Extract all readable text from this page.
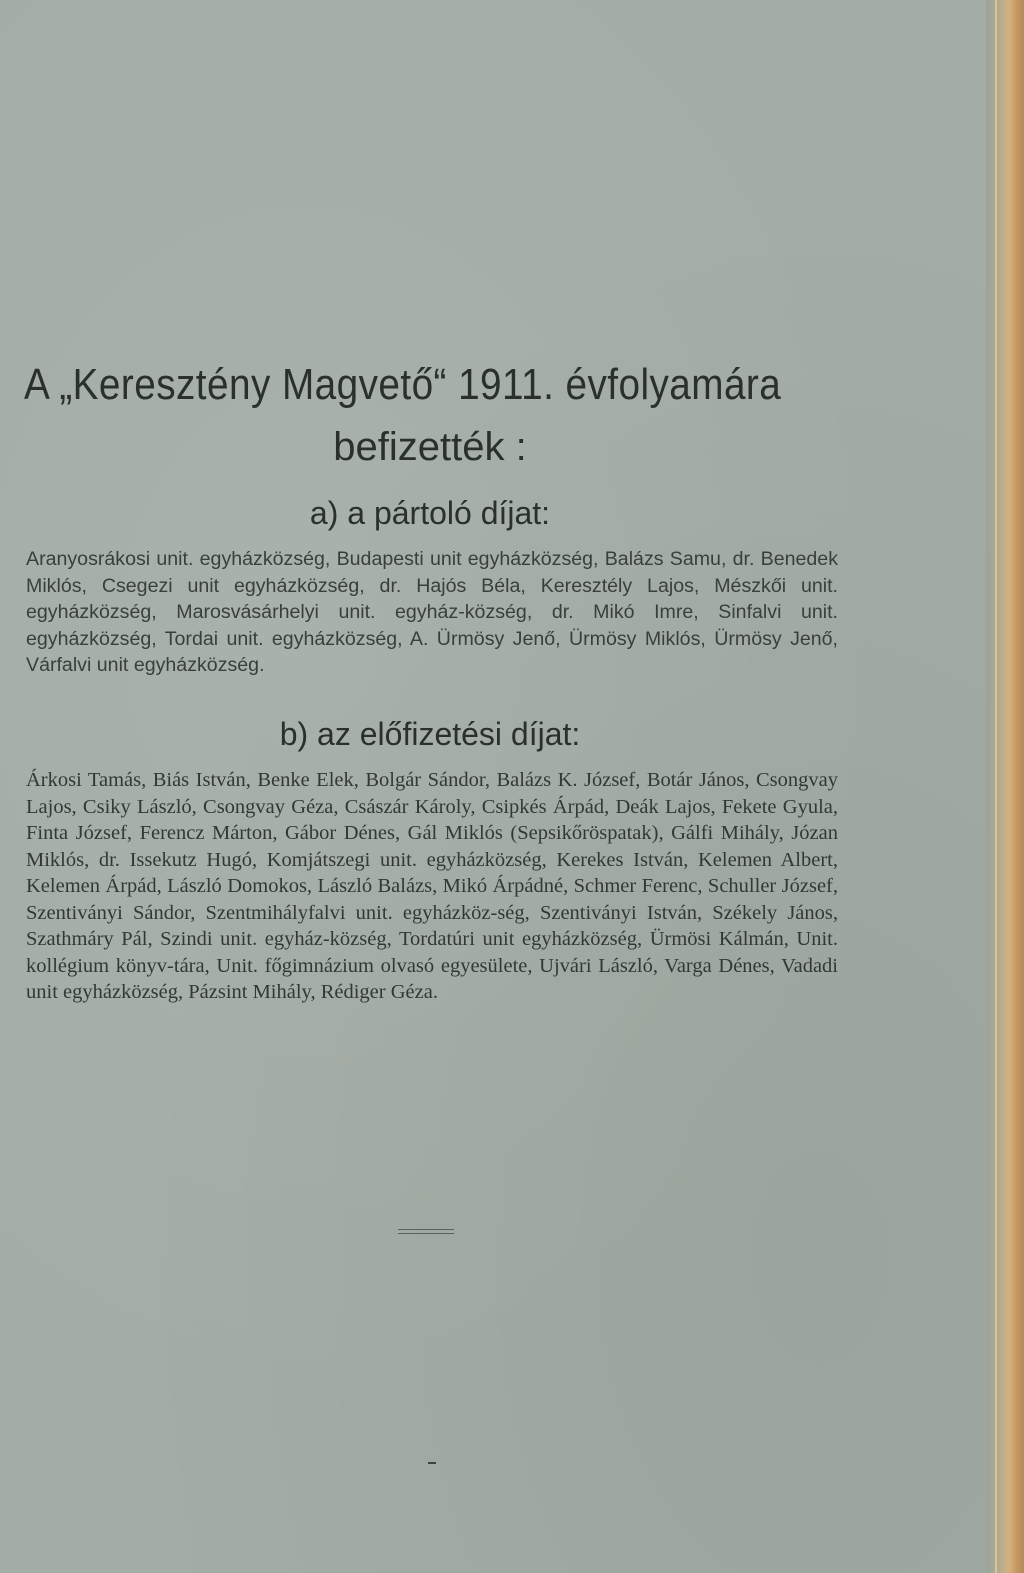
A „Keresztény Magvető“ 1911. évfolyamára
befizették :
a) a pártoló díjat:
Aranyosrákosi unit. egyházközség, Budapesti unit egyházközség, Balázs Samu, dr. Benedek Miklós, Csegezi unit egyházközség, dr. Hajós Béla, Keresztély Lajos, Mészkői unit. egyházközség, Marosvásárhelyi unit. egyház-község, dr. Mikó Imre, Sinfalvi unit. egyházközség, Tordai unit. egyházközség, A. Ürmösy Jenő, Ürmösy Miklós, Ürmösy Jenő, Várfalvi unit egyházközség.
b) az előfizetési díjat:
Árkosi Tamás, Biás István, Benke Elek, Bolgár Sándor, Balázs K. József, Botár János, Csongvay Lajos, Csiky László, Csongvay Géza, Császár Károly, Csipkés Árpád, Deák Lajos, Fekete Gyula, Finta József, Ferencz Márton, Gábor Dénes, Gál Miklós (Sepsikőröspatak), Gálfi Mihály, Józan Miklós, dr. Issekutz Hugó, Komjátszegi unit. egyházközség, Kerekes István, Kelemen Albert, Kelemen Árpád, László Domokos, László Balázs, Mikó Árpádné, Schmer Ferenc, Schuller József, Szentiványi Sándor, Szentmihályfalvi unit. egyházköz-ség, Szentiványi István, Székely János, Szathmáry Pál, Szindi unit. egyház-község, Tordatúri unit egyházközség, Ürmösi Kálmán, Unit. kollégium könyv-tára, Unit. főgimnázium olvasó egyesülete, Ujvári László, Varga Dénes, Vadadi unit egyházközség, Pázsint Mihály, Rédiger Géza.
